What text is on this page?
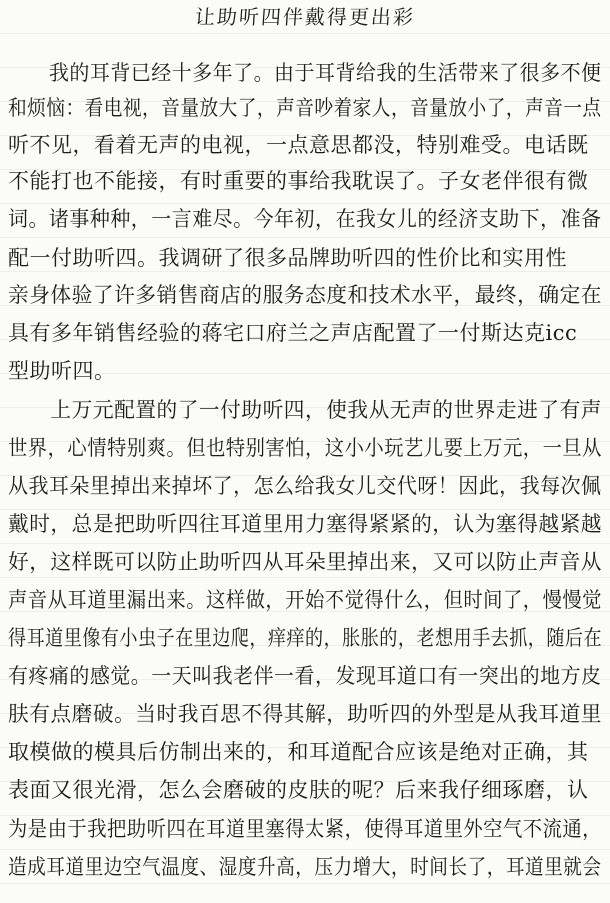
让助听四伴戴得更出彩
　　我的耳背已经十多年了。由于耳背给我的生活带来了很多不便
和烦恼：看电视，音量放大了，声音吵着家人，音量放小了，声音一点
听不见，看着无声的电视，一点意思都没，特别难受。电话既
不能打也不能接，有时重要的事给我耽误了。子女老伴很有微
词。诸事种种，一言难尽。今年初，在我女儿的经济支助下，准备
配一付助听四。我调研了很多品牌助听四的性价比和实用性
亲身体验了许多销售商店的服务态度和技术水平，最终，确定在
具有多年销售经验的蒋宅口府兰之声店配置了一付斯达克icc
型助听四。
　　上万元配置的了一付助听四，使我从无声的世界走进了有声
世界，心情特别爽。但也特别害怕，这小小玩艺儿要上万元，一旦从
从我耳朵里掉出来掉坏了，怎么给我女儿交代呀！因此，我每次佩
戴时，总是把助听四往耳道里用力塞得紧紧的，认为塞得越紧越
好，这样既可以防止助听四从耳朵里掉出来，又可以防止声音从
声音从耳道里漏出来。这样做，开始不觉得什么，但时间了，慢慢觉
得耳道里像有小虫子在里边爬，痒痒的，胀胀的，老想用手去抓，随后在
有疼痛的感觉。一天叫我老伴一看，发现耳道口有一突出的地方皮
肤有点磨破。当时我百思不得其解，助听四的外型是从我耳道里
取模做的模具后仿制出来的，和耳道配合应该是绝对正确，其
表面又很光滑，怎么会磨破的皮肤的呢？后来我仔细琢磨，认
为是由于我把助听四在耳道里塞得太紧，使得耳道里外空气不流通，
造成耳道里边空气温度、湿度升高，压力增大，时间长了，耳道里就会
